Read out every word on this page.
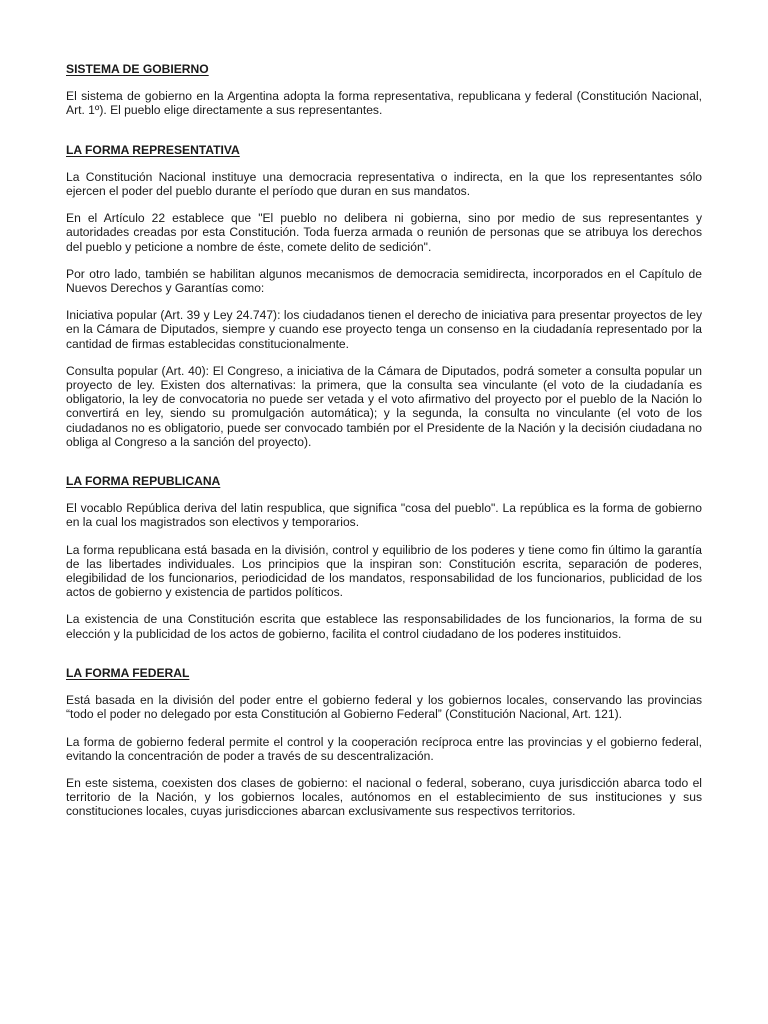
SISTEMA DE GOBIERNO

El sistema de gobierno en la Argentina adopta la forma representativa, republicana y federal (Constitución Nacional, Art. 1º). El pueblo elige directamente a sus representantes.

LA FORMA REPRESENTATIVA

La Constitución Nacional instituye una democracia representativa o indirecta, en la que los representantes sólo ejercen el poder del pueblo durante el período que duran en sus mandatos.

En el Artículo 22 establece que "El pueblo no delibera ni gobierna, sino por medio de sus representantes y autoridades creadas por esta Constitución. Toda fuerza armada o reunión de personas que se atribuya los derechos del pueblo y peticione a nombre de éste, comete delito de sedición".

Por otro lado, también se habilitan algunos mecanismos de democracia semidirecta, incorporados en el Capítulo de Nuevos Derechos y Garantías como:

Iniciativa popular (Art. 39 y Ley 24.747): los ciudadanos tienen el derecho de iniciativa para presentar proyectos de ley en la Cámara de Diputados, siempre y cuando ese proyecto tenga un consenso en la ciudadanía representado por la cantidad de firmas establecidas constitucionalmente.

Consulta popular (Art. 40): El Congreso, a iniciativa de la Cámara de Diputados, podrá someter a consulta popular un proyecto de ley. Existen dos alternativas: la primera, que la consulta sea vinculante (el voto de la ciudadanía es obligatorio, la ley de convocatoria no puede ser vetada y el voto afirmativo del proyecto por el pueblo de la Nación lo convertirá en ley, siendo su promulgación automática); y la segunda, la consulta no vinculante (el voto de los ciudadanos no es obligatorio, puede ser convocado también por el Presidente de la Nación y la decisión ciudadana no obliga al Congreso a la sanción del proyecto).

LA FORMA REPUBLICANA

El vocablo República deriva del latin respublica, que significa "cosa del pueblo". La república es la forma de gobierno en la cual los magistrados son electivos y temporarios.

La forma republicana está basada en la división, control y equilibrio de los poderes y tiene como fin último la garantía de las libertades individuales. Los principios que la inspiran son: Constitución escrita, separación de poderes, elegibilidad de los funcionarios, periodicidad de los mandatos, responsabilidad de los funcionarios, publicidad de los actos de gobierno y existencia de partidos políticos.

La existencia de una Constitución escrita que establece las responsabilidades de los funcionarios, la forma de su elección y la publicidad de los actos de gobierno, facilita el control ciudadano de los poderes instituidos.

LA FORMA FEDERAL

Está basada en la división del poder entre el gobierno federal y los gobiernos locales, conservando las provincias “todo el poder no delegado por esta Constitución al Gobierno Federal” (Constitución Nacional, Art. 121).

La forma de gobierno federal permite el control y la cooperación recíproca entre las provincias y el gobierno federal, evitando la concentración de poder a través de su descentralización.

En este sistema, coexisten dos clases de gobierno: el nacional o federal, soberano, cuya jurisdicción abarca todo el territorio de la Nación, y los gobiernos locales, autónomos en el establecimiento de sus instituciones y sus constituciones locales, cuyas jurisdicciones abarcan exclusivamente sus respectivos territorios.
